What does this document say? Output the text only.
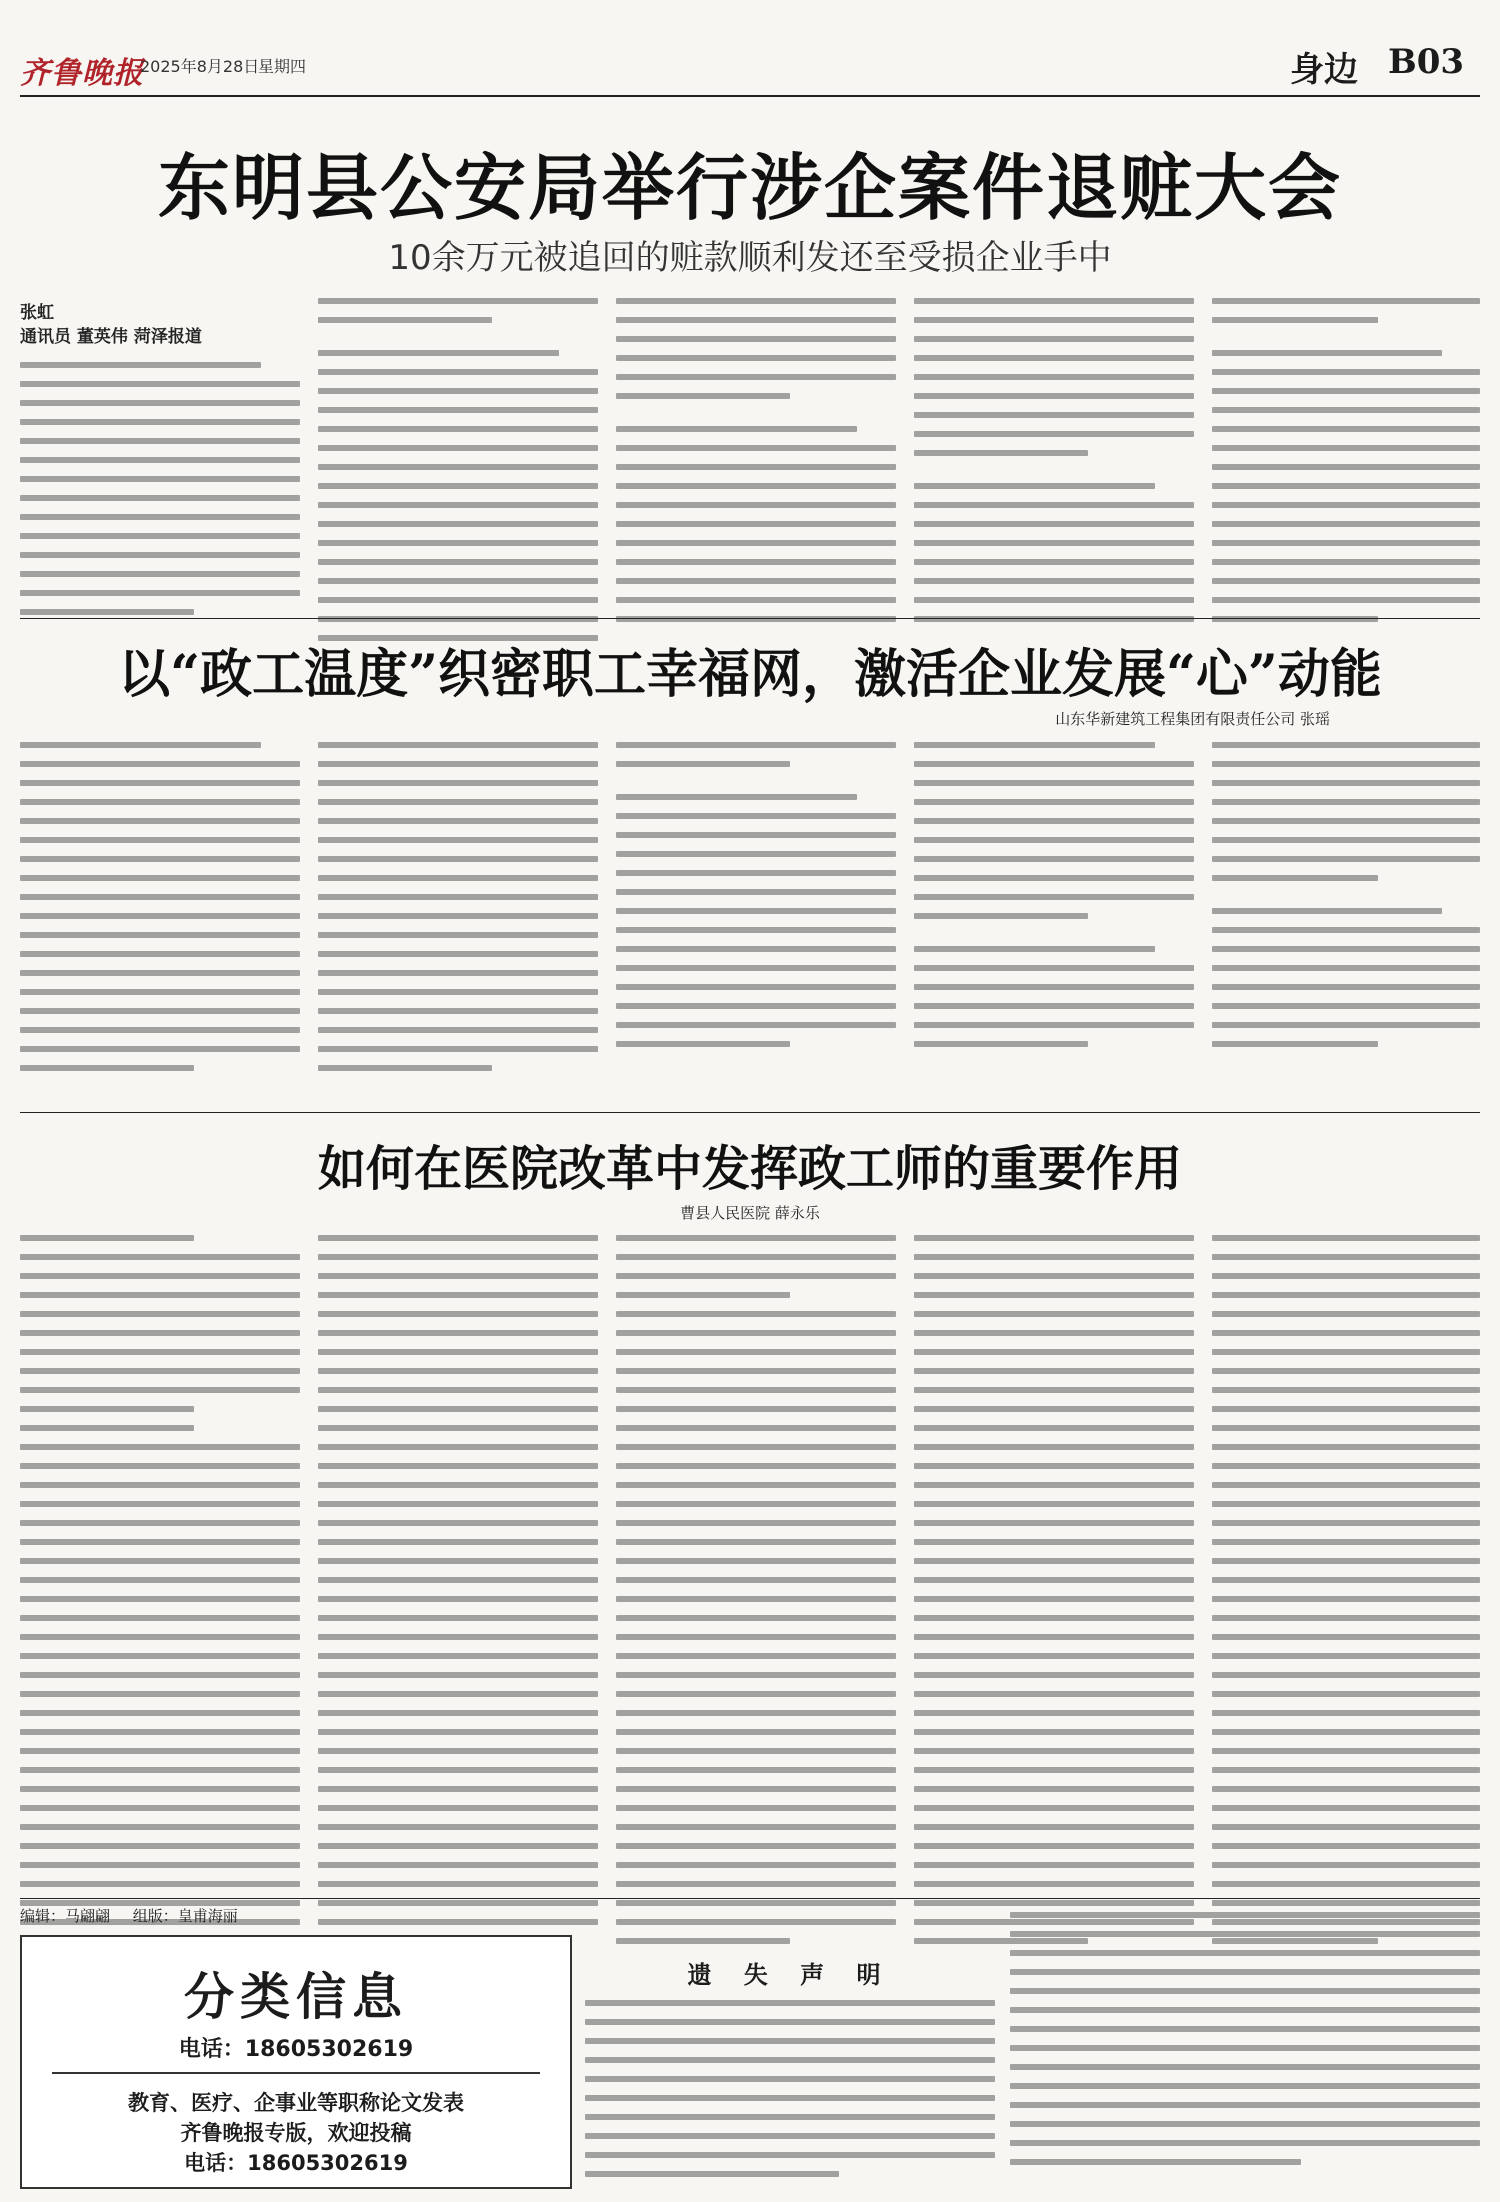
齐鲁晚报
2025年8月28日
星期四	身边 B03
东明县公安局举行涉企案件退赃大会
10余万元被追回的赃款顺利发还至受损企业手中
张虹
通讯员 董英伟 菏泽报道
以“政工温度”织密职工幸福网，激活企业发展“心”动能
山东华新建筑工程集团有限责任公司 张瑶
如何在医院改革中发挥政工师的重要作用
曹县人民医院 薛永乐
编辑：马翩翩 组版：皇甫海丽
分类信息
电话：18605302619
教育、医疗、企事业等职称论文发表
齐鲁晚报专版，欢迎投稿
电话：18605302619
遗 失 声 明
